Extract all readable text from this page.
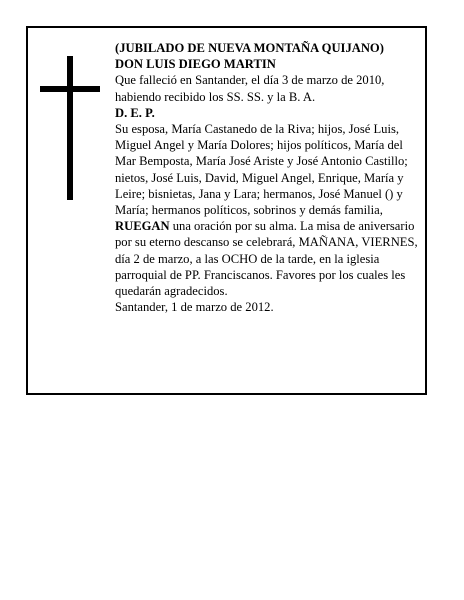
(JUBILADO DE NUEVA MONTAÑA QUIJANO)

DON LUIS DIEGO MARTIN

Que falleció en Santander, el día 3 de marzo de 2010, habiendo recibido los SS. SS. y la B. A.

D. E. P.

Su esposa, María Castanedo de la Riva; hijos, José Luis, Miguel Angel y María Dolores; hijos políticos, María del Mar Bemposta, María José Ariste y José Antonio Castillo; nietos, José Luis, David, Miguel Angel, Enrique, María y Leire; bisnietas, Jana y Lara; hermanos, José Manuel () y María; hermanos políticos, sobrinos y demás familia,

RUEGAN una oración por su alma. La misa de aniversario por su eterno descanso se celebrará, MAÑANA, VIERNES, día 2 de marzo, a las OCHO de la tarde, en la iglesia parroquial de PP. Franciscanos. Favores por los cuales les quedarán agradecidos.

Santander, 1 de marzo de 2012.
